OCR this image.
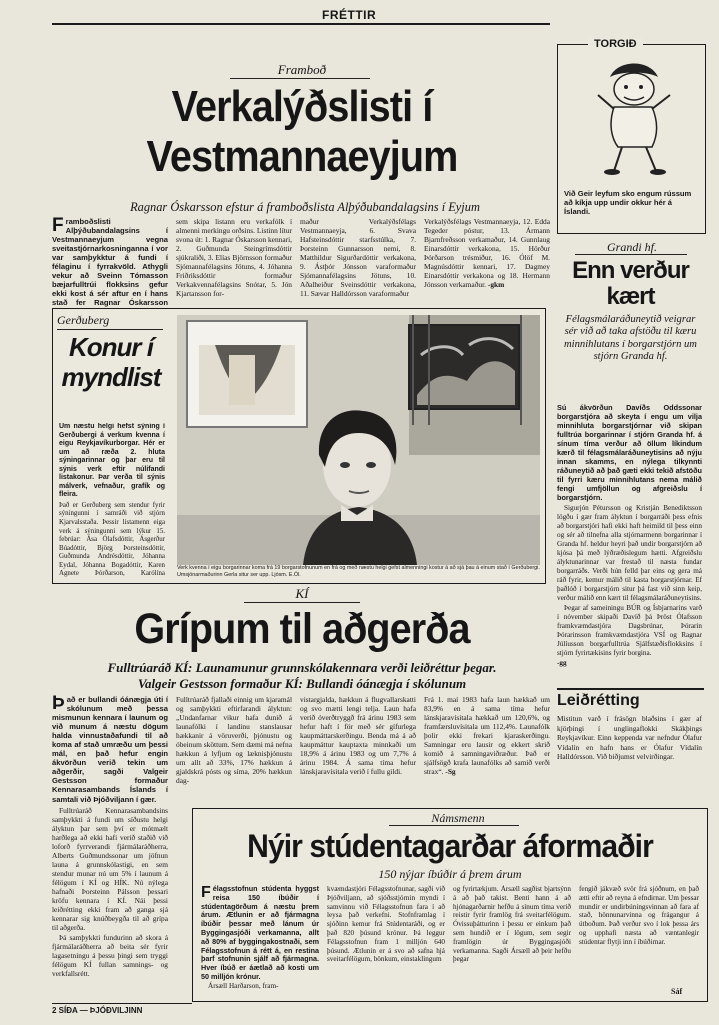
FRÉTTIR
Framboð
Verkalýðslisti í
Vestmannaeyjum
Ragnar Óskarsson efstur á framboðslista Alþýðubandalagsins í Eyjum
F ramboðslisti Alþýðubandalagsins í Vestmannaeyjum vegna sveitastjórnarkosninganna í vor var samþykktur á fundi í félaginu í fyrrakvöld. Athygli vekur að Sveinn Tómasson bæjarfulltrúi flokksins gefur ekki kost á sér aftur en í hans stað fer Ragnar Óskarsson
sem skipa listann eru verkafólk í almenni merkingu orðsins. Listinn lítur svona út: 1. Ragnar Óskarsson kennari, 2. Guðmunda Steingrímsdóttir sjúkraliði, 3. Elías Björnsson formaður Sjómannafélagsins Jötuns, 4. Jóhanna Friðriksdóttir formaður Verkakvennafélagsins Snótar, 5. Jón Kjartansson for-
maður Verkalýðsfélags Vestmannaeyja, 6. Svava Hafsteinsdóttir starfsstúlka, 7. Þorsteinn Gunnarsson nemi, 8. Matthildur Sigurðardóttir verkakona, 9. Ástþór Jónsson varaformaður Sjómannafélagsins Jötuns, 10. Aðalheiður Sveinsdóttir verkakona, 11. Sævar Halldórsson varaformaður
Verkalýðsfélags Vestmannaeyja, 12. Edda Tegeder póstur, 13. Ármann Bjarnfreðsson verkamaður, 14. Gunnlaug Einarsdóttir verkakona, 15. Hörður Þórðarson trésmiður, 16. Ólöf M. Magnúsdóttir kennari, 17. Dagmey Einarsdóttir verkakona og 18. Hermann Jónsson verkamaður. -gkm
Gerðuberg
Konur í
myndlist
Um næstu helgi hefst sýning í Gerðubergi á verkum kvenna í eigu Reykjavíkurborgar. Hér er um að ræða 2. hluta sýningarinnar og þar eru til sýnis verk eftir núlifandi listakonur. Þar verða til sýnis málverk, vefnaður, grafík og fleira.
Það er Gerðuberg sem stendur fyrir sýningunni í samráði við stjórn Kjarvalsstaða. Þessir listamenn eiga verk á sýningunni sem lýkur 15. febrúar: Ása Ólafsdóttir, Ásgerður Búadóttir, Björg Þorsteinsdóttir, Guðmunda Andrésdóttir, Jóhanna Eydal, Jóhanna Bogadóttir, Karen Agnete Þórðarson, Karólína
Verk kvenna í eigu borgarinnar koma frá 19 borgarstofnunum en frá og með næstu helgi gefst almenningi kostur á að sjá þau á einum stað í Gerðubergi. Umsjónarmaðurinn Gerla situr ser upp. Ljósm. E.Ól.
KÍ
Grípum til aðgerða
Fulltrúaráð KÍ: Launamunur grunnskólakennara verði leiðréttur þegar.
Valgeir Gestsson formaður KÍ: Bullandi óánægja í skólunum
Þ að er bullandi óánægja úti í skólunum með þessa mismunun kennara í launum og við munum á næstu dögum halda vinnustaðafundi til að koma af stað umræðu um þessi mál, en það hefur engin ákvörðun verið tekin um aðgerðir, sagði Valgeir Gestsson formaður Kennarasambands Íslands í samtali við Þjóðviljann í gær.

Fulltrúaráð Kennarasambandsins samþykkti á fundi um síðustu helgi ályktun þar sem því er mótmælt harðlega að ekki hafi verið staðið við loforð fyrrverandi fjármálaráðherra, Alberts Guðmundssonar um jöfnun launa á grunnskólastigi, en sem stendur munar nú um 5% í launum á félögum í KÍ og HÍK. Nú nýlega hafnaði Þorsteinn Pálsson þessari kröfu kennara í KÍ. Nái þessi leiðrétting ekki fram að ganga sjá kennarar sig knúðbeygða til að grípa til aðgerða.

Þá samþykkti fundurinn að skora á fjármálaráðherra að beita sér fyrir lagasetningu á þessu þingi sem tryggi félögum KÍ fullan samnings- og verkfallsrétt.

Fulltrúaráð fjallaði einnig um kjaramál og samþykkti eftirfarandi ályktun: „Undanfarnar vikur hafa dunið á launafólki í landinu stanslausar hækkanir á vöruverði, þjónustu og óbeinum sköttum. Sem dæmi má nefna hækkun á lyfjum og læknisþjónustu um allt að 33%, 17% hækkun á gjaldskrá pósts og síma, 20% hækkun dag-
vistargjalda, hækkun á flugvallarskatti og svo mætti lengi telja. Laun hafa verið óverðtryggð frá árinu 1983 sem hefur haft í för með sér gífurlega kaupmáttarskerðingu. Benda má á að kaupmáttur kauptaxta minnkaði um 18,9% á árinu 1983 og um 7,7% á árinu 1984. Á sama tíma hefur lánskjaravísitala verið í fullu gildi.
Frá 1. maí 1983 hafa laun hækkað um 83,9% en á sama tíma hefur lánskjaravísitala hækkað um 120,6%, og framfærsluvísitala um 112,4%. Launafólk þolir ekki frekari kjaraskerðingu. Samningar eru lausir og ekkert skrið komið á samningaviðræður. Það er sjálfsögð krafa launafólks að samið verði strax“. -Sg
TORGIÐ
Við Geir leyfum sko engum rússum að kíkja upp undir okkur hér á Íslandi.
Grandi hf.
Enn verður
kært
Félagsmálaráðuneytið veigrar sér við að taka afstöðu til kæru minnihlutans í borgarstjórn um stjórn Granda hf.
Sú ákvörðun Davíðs Oddssonar borgarstjóra að skeyta í engu um vilja minnihluta borgarstjórnar við skipan fulltrúa borgarinnar í stjórn Granda hf. á sínum tíma verður að öllum líkindum kærð til félagsmálaráðuneytisins að nýju innan skamms, en nýlega tilkynnti ráðuneytið að það gæti ekki tekið afstöðu til fyrri kæru minnihlutans nema málið fengi umfjöllun og afgreiðslu í borgarstjórn.

Sigurjón Pétursson og Kristján Benediktsson lögðu í gær fram ályktun í borgarráði þess efnis að borgarstjóri hafi ekki haft heimild til þess einn og sér að tilnefna alla stjórnarmenn borgarinnar í Granda hf. heldur heyri það undir borgarstjórn að kjósa þá með lýðræðislegum hætti. Afgreiðslu ályktunarinnar var frestað til næsta fundar borgarráðs. Verði hún felld þar eins og gera má ráð fyrir, kemur málið til kasta borgarstjórnar. Ef þaðlóð í borgarstjórn situr þá fast við sinn keip, verður málið enn kært til félagsmálaráðuneytisins.

Þegar af sameiningu BÚR og Ísbjarnarins varð í nóvember skipaði Davíð þá Þröst Ólafsson framkvæmdastjóra Dagsbrúnar, Þórarin Þórarinsson framkvæmdastjóra VSÍ og Ragnar Júlíusson borgarfulltrúa Sjálfstæðisflokksins í stjórn fyrirtækisins fyrir borgina.

-gg
Leiðrétting
Mistitun varð í frásögn blaðsins í gær af kjörþingi í unglingaflokki Skákþings Reykjavíkur. Einn keppenda var nefndur Ólafur Vídalín en hafn hans er Ólafur Vídalín Halldórsson. Við biðjumst velvirðingar.
Námsmenn
Nýir stúdentagarðar áformaðir
150 nýjar íbúðir á þrem árum
F élagsstofnun stúdenta hyggst reisa 150 íbúðir í stúdentagörðum á næstu þrem árum. Ætlunin er að fjármagna íbúðir þessar með lánum úr Byggingasjóði verkamanna, allt að 80% af byggingakostnaði, sem Félagsstofnun á rétt á, en restina þarf stofnunin sjálf að fjármagna. Hver íbúð er áætlað að kosti um 50 milljón krónur.

Ársæll Harðarson, fram-

kvæmdastjóri Félagsstofnunar, sagði við Þjóðviljann, að sjóðsstjórnin myndi í samvinnu við Félagsstofnun fara í að leysa það verkefni. Stofnframlag í sjóðinn kemur frá Stúdentaráði, og er það 820 þúsund krónur. Þá leggur Félagsstofnun fram 1 milljón 640 þúsund. Ætlunin er á svo að safna hjá sveitarfélögum, bönkum, einstaklingum
og fyrirtækjum. Ársæll sagðist bjartsýnn á að það takist. Benti hann á að hjónagarðarnir hefðu á sínum tíma verið reistir fyrir framlög frá sveitarfélögum. Óvissuþátturinn í þessu er einkum það sem hundið er í lögum, sem segir framlögin úr Byggingasjóði verkamanna. Sagði Ársæll að þeir hefðu þegar
fengið jákvæð svör frá sjóðnum, en það ætti eftir að reyna á efndirnar. Um þessar mundir er undirbúningsvinnan að fara af stað, hönnunarvinna og frágangur á útboðum. Það verður svo í lok þessa árs og upphafi næsta að væntanlegir stúdentar flytji inn í íbúðirnar.
Sáf
2 SÍÐA — ÞJÓÐVILJINN
